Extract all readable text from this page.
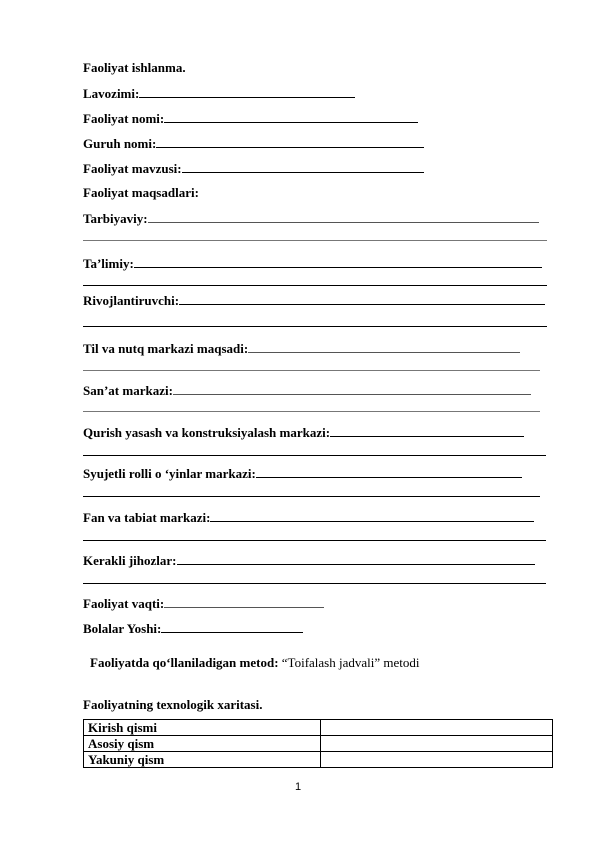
Faoliyat ishlanma.
Lavozimi:
Faoliyat nomi:
Guruh nomi:
Faoliyat mavzusi:
Faoliyat maqsadlari:
Tarbiyaviy:
Ta’limiy:
Rivojlantiruvchi:
Til va nutq markazi maqsadi:
San’at markazi:
Qurish yasash va konstruksiyalash markazi:
Syujetli rolli o ‘yinlar markazi:
Fan va tabiat markazi:
Kerakli jihozlar:
Faoliyat vaqti:
Bolalar Yoshi:
Faoliyatda qo‘llaniladigan metod: “Toifalash jadvali” metodi
Faoliyatning texnologik xaritasi.
Kirish qismi	
Asosiy qism	
Yakuniy qism	
1
